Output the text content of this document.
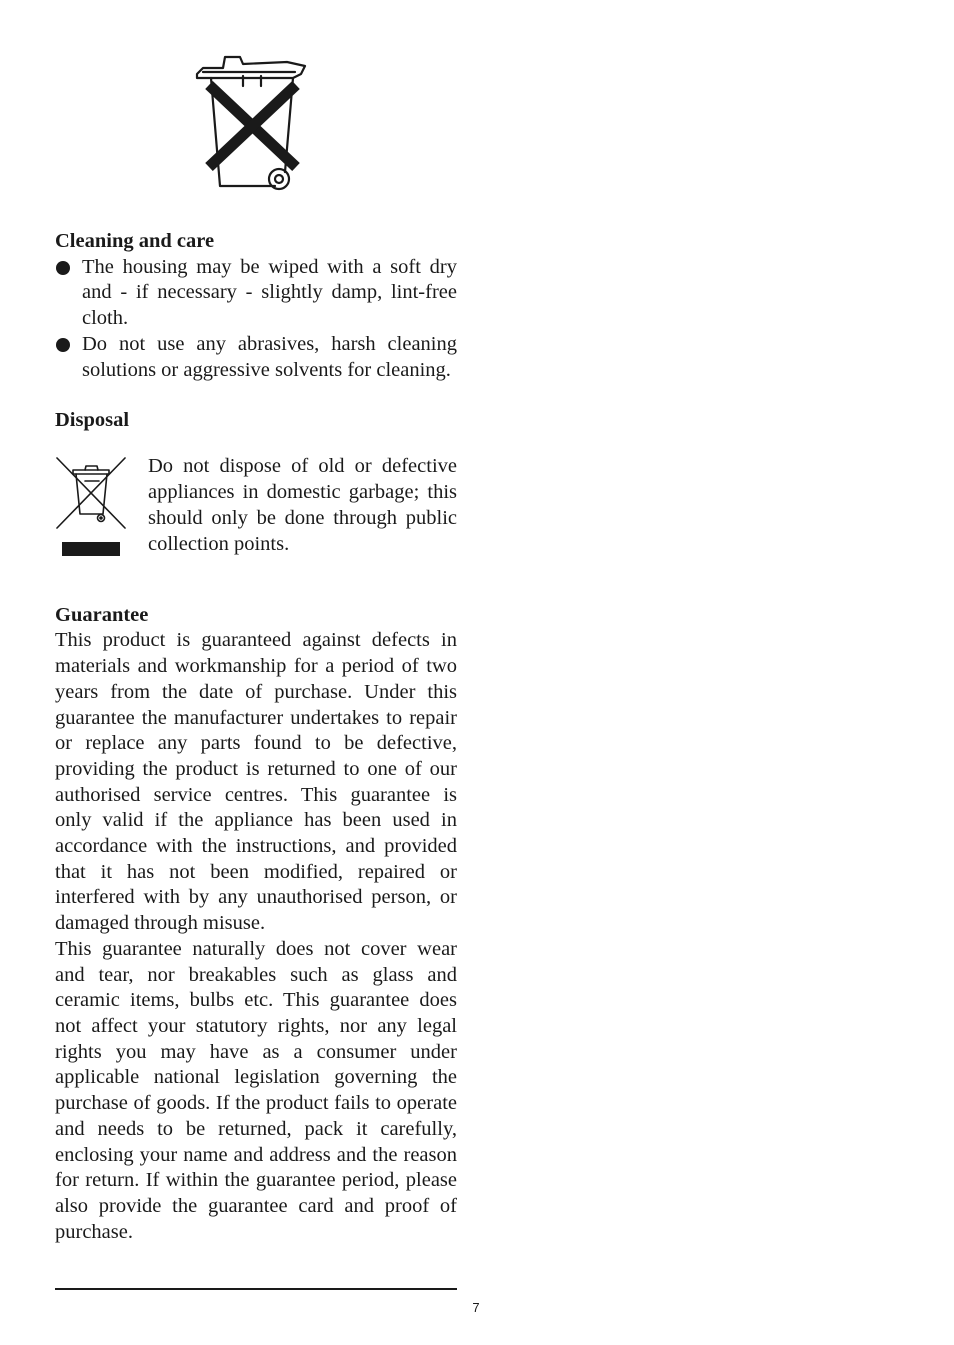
Cleaning and care

The housing may be wiped with a soft dry and - if necessary - slightly damp, lint-free cloth.
Do not use any abrasives, harsh cleaning solutions or aggressive solvents for cleaning.

Disposal

Do not dispose of old or defective appliances in domestic garbage; this should only be done through public collection points.

Guarantee

This product is guaranteed against defects in materials and workmanship for a period of two years from the date of purchase. Under this guarantee the manufacturer undertakes to repair or replace any parts found to be defective, providing the product is returned to one of our authorised service centres. This guarantee is only valid if the appliance has been used in accordance with the instructions, and provided that it has not been modified, repaired or interfered with by any unauthorised person, or damaged through misuse.

This guarantee naturally does not cover wear and tear, nor breakables such as glass and ceramic items, bulbs etc. This guarantee does not affect your statutory rights, nor any legal rights you may have as a consumer under applicable national legislation governing the purchase of goods. If the product fails to operate and needs to be returned, pack it carefully, enclosing your name and address and the reason for return. If within the guarantee period, please also provide the guarantee card and proof of purchase.

7
